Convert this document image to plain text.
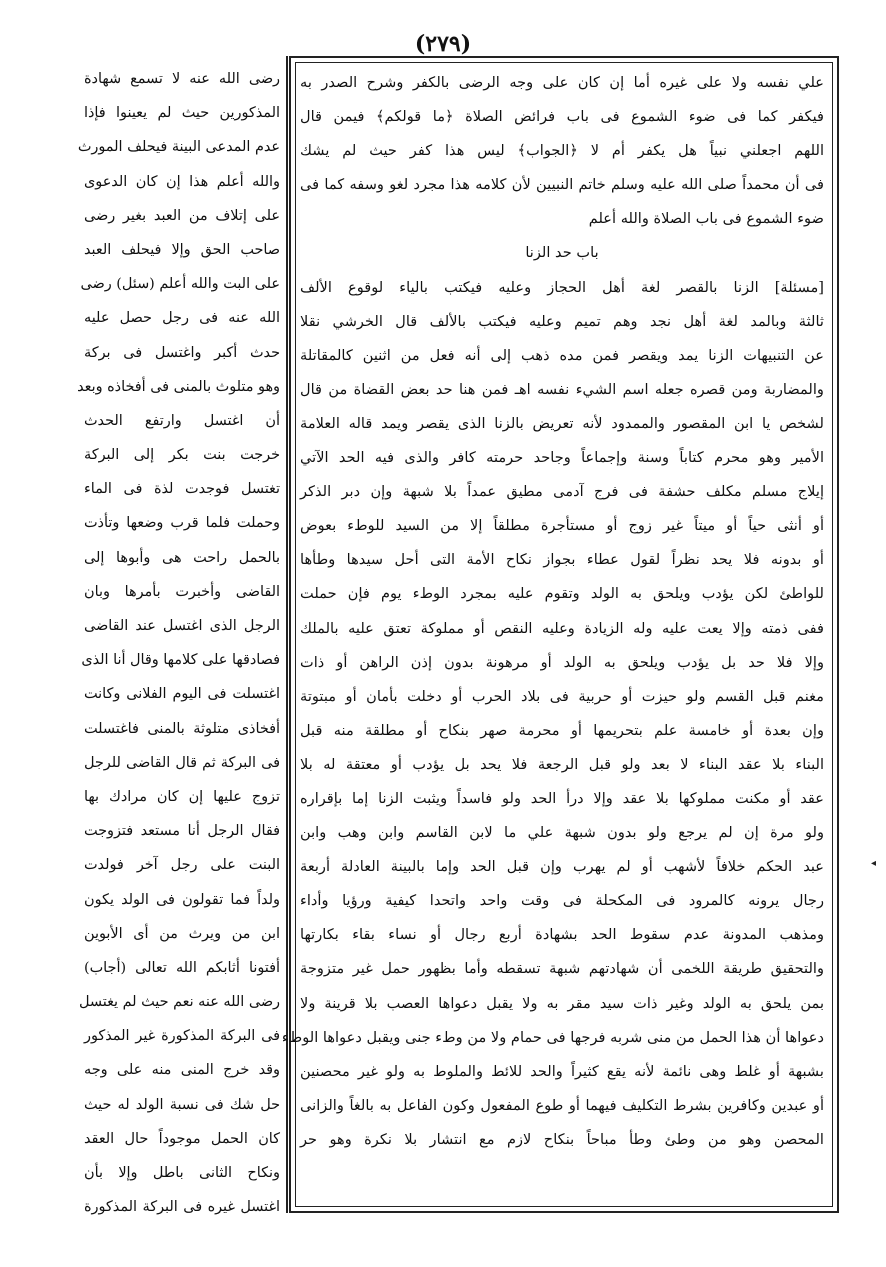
(٢٧٩)
علي نفسه ولا على غيره أما إن كان على وجه الرضى بالكفر وشرح الصدر به
فيكفر كما فى ضوء الشموع فى باب فرائض الصلاة ﴿ما قولكم﴾ فيمن قال
اللهم اجعلني نبياً هل يكفر أم لا ﴿الجواب﴾ ليس هذا كفر حيث لم يشك
فى أن محمداً صلى الله عليه وسلم خاتم النبيين لأن كلامه هذا مجرد لغو وسفه كما فى
ضوء الشموع فى باب الصلاة والله أعلم
باب حد الزنا
[مسئلة] الزنا بالقصر لغة أهل الحجاز وعليه فيكتب بالياء لوقوع الألف
ثالثة وبالمد لغة أهل نجد وهم تميم وعليه فيكتب بالألف قال الخرشي نقلا
عن التنبيهات الزنا يمد ويقصر فمن مده ذهب إلى أنه فعل من اثنين كالمقاتلة
والمضاربة ومن قصره جعله اسم الشيء نفسه اهـ فمن هنا حد بعض القضاة من قال
لشخص يا ابن المقصور والممدود لأنه تعريض بالزنا الذى يقصر ويمد قاله العلامة
الأمير وهو محرم كتاباً وسنة وإجماعاً وجاحد حرمته كافر والذى فيه الحد الآتي
إيلاج مسلم مكلف حشفة فى فرج آدمى مطيق عمداً بلا شبهة وإن دبر الذكر
أو أنثى حياً أو ميتاً غير زوج أو مستأجرة مطلقاً إلا من السيد للوطء بعوض
أو بدونه فلا يحد نظراً لقول عطاء بجواز نكاح الأمة التى أحل سيدها وطأها
للواطئ لكن يؤدب ويلحق به الولد وتقوم عليه بمجرد الوطء يوم فإن حملت
ففى ذمته وإلا يعت عليه وله الزيادة وعليه النقص أو مملوكة تعتق عليه بالملك
وإلا فلا حد بل يؤدب ويلحق به الولد أو مرهونة بدون إذن الراهن أو ذات
مغنم قبل القسم ولو حيزت أو حربية فى بلاد الحرب أو دخلت بأمان أو مبتوتة
وإن بعدة أو خامسة علم بتحريمها أو محرمة صهر بنكاح أو مطلقة منه قبل
البناء بلا عقد البناء لا بعد ولو قبل الرجعة فلا يحد بل يؤدب أو معتقة له بلا
عقد أو مكنت مملوكها بلا عقد وإلا درأ الحد ولو فاسداً ويثبت الزنا إما بإقراره
ولو مرة إن لم يرجع ولو بدون شبهة علي ما لابن القاسم وابن وهب وابن
عبد الحكم خلافاً لأشهب أو لم يهرب وإن قبل الحد وإما بالبينة العادلة أربعة
رجال يرونه كالمرود فى المكحلة فى وقت واحد واتحدا كيفية ورؤيا وأداء
ومذهب المدونة عدم سقوط الحد بشهادة أربع رجال أو نساء بقاء بكارتها
والتحقيق طريقة اللخمى أن شهادتهم شبهة تسقطه وأما بظهور حمل غير متزوجة
بمن يلحق به الولد وغير ذات سيد مقر به ولا يقبل دعواها العصب بلا قرينة ولا
دعواها أن هذا الحمل من منى شربه فرجها فى حمام ولا من وطء جنى ويقبل دعواها الوطء
بشبهة أو غلط وهى نائمة لأنه يقع كثيراً والحد للائط والملوط به ولو غير محصنين
أو عبدين وكافرين بشرط التكليف فيهما أو طوع المفعول وكون الفاعل به بالغاً والزانى
المحصن وهو من وطئ وطأ مباحاً بنكاح لازم مع انتشار بلا نكرة وهو حر
رضى الله عنه لا تسمع شهادة
المذكورين حيث لم يعينوا فإذا
عدم المدعى البينة فيحلف المورث
والله أعلم هذا إن كان الدعوى
على إتلاف من العبد بغير رضى
صاحب الحق وإلا فيحلف العبد
على البت والله أعلم (سئل) رضى
الله عنه فى رجل حصل عليه
حدث أكبر واغتسل فى بركة
وهو متلوث بالمنى فى أفخاذه وبعد
أن اغتسل وارتفع الحدث
خرجت بنت بكر إلى البركة
تغتسل فوجدت لذة فى الماء
وحملت فلما قرب وضعها وتأذت
بالحمل راحت هى وأبوها إلى
القاضى وأخبرت بأمرها وبان
الرجل الذى اغتسل عند القاضى
فصادقها على كلامها وقال أنا الذى
اغتسلت فى اليوم الفلانى وكانت
أفخاذى متلوثة بالمنى فاغتسلت
فى البركة ثم قال القاضى للرجل
تزوج عليها إن كان مرادك بها
فقال الرجل أنا مستعد فتزوجت
البنت على رجل آخر فولدت
ولداً فما تقولون فى الولد يكون
ابن من ويرث من أى الأبوين
أفتونا أثابكم الله تعالى (أجاب)
رضى الله عنه نعم حيث لم يغتسل
فى البركة المذكورة غير المذكور
وقد خرج المنى منه على وجه
حل شك فى نسبة الولد له حيث
كان الحمل موجوداً حال العقد
ونكاح الثانى باطل وإلا بأن
اغتسل غيره فى البركة المذكورة
◂
